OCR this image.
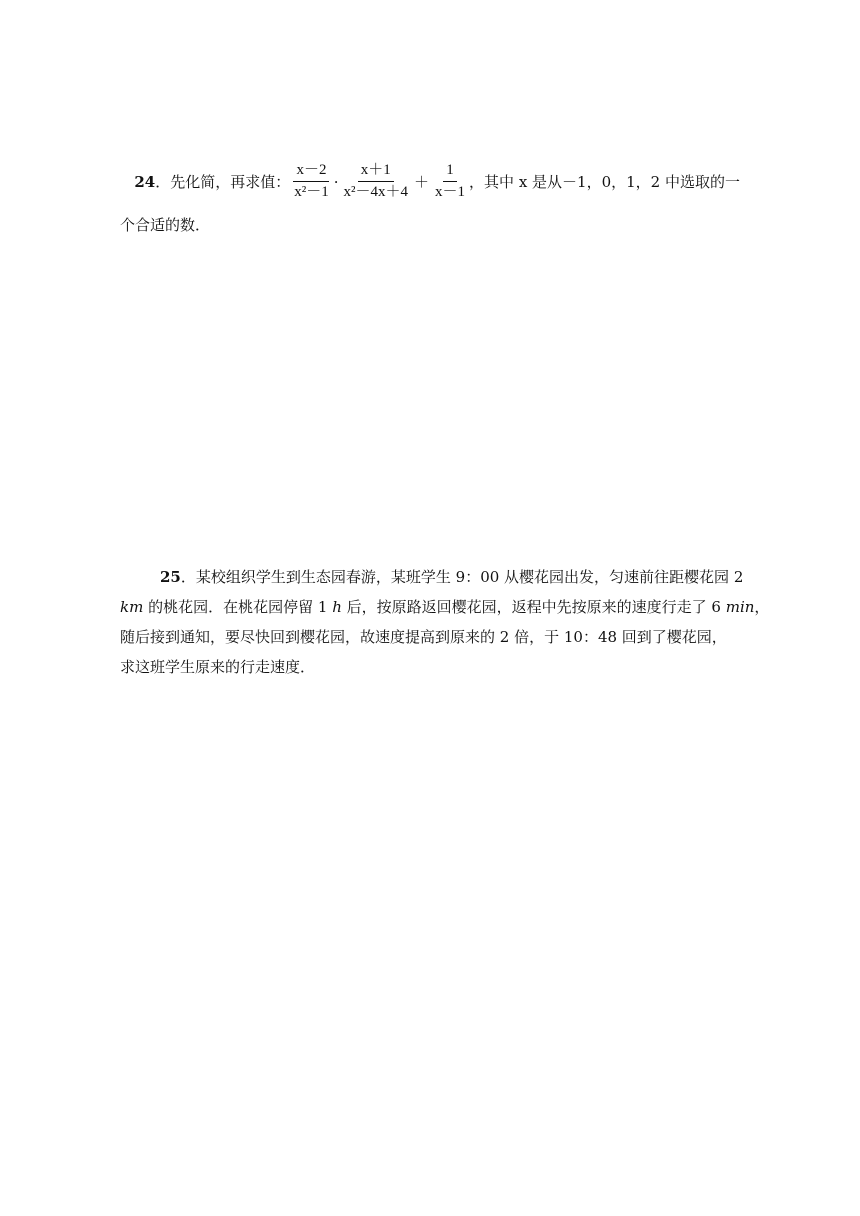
24 ．先化简，再求值： $\frac{x-2}{\text{x²－1}} \cdot \frac{x+1}{\text{x²－4x＋4}} + \frac{1}{x-1}$ ，其中 x 是从－1，0，1，2 中选取的一
个合适的数．
25．某校组织学生到生态园春游，某班学生 9：00 从樱花园出发，匀速前往距樱花园 2
km 的桃花园．在桃花园停留 1 h 后，按原路返回樱花园，返程中先按原来的速度行走了 6 min，
随后接到通知，要尽快回到樱花园，故速度提高到原来的 2 倍，于 10：48 回到了樱花园，
求这班学生原来的行走速度．
